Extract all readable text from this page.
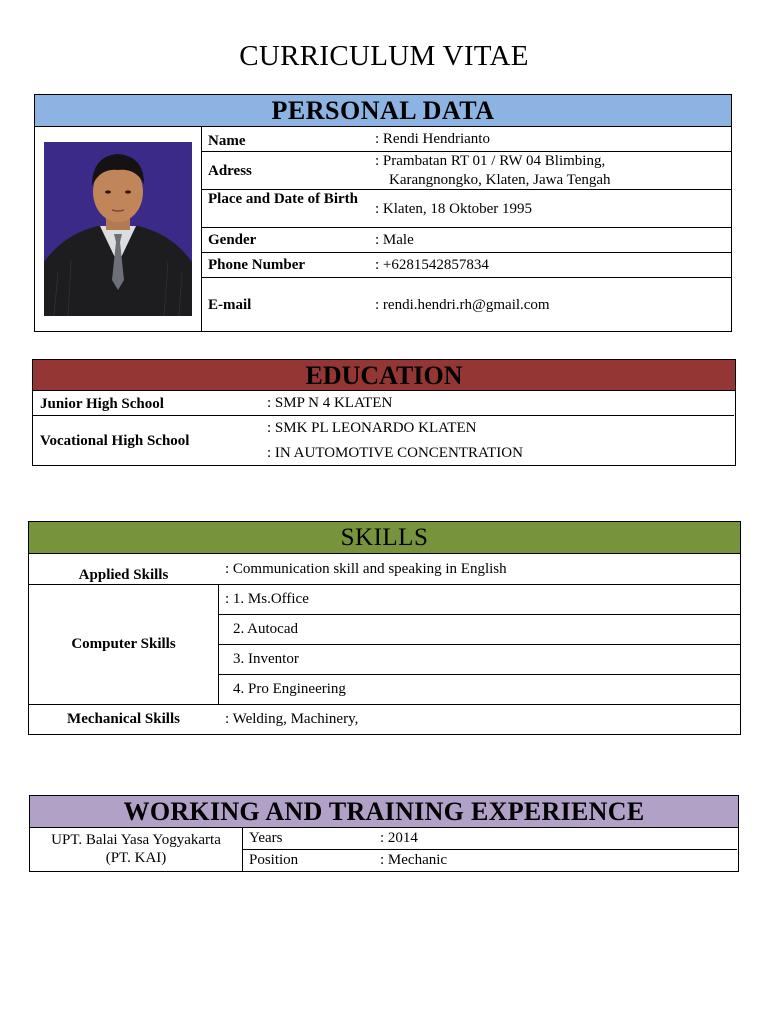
CURRICULUM VITAE
PERSONAL DATA
Name	: Rendi Hendrianto
Adress
: Prambatan RT 01 / RW 04 Blimbing,
Karangnongko, Klaten, Jawa Tengah
Place and Date of Birth
: Klaten, 18 Oktober 1995
Gender	: Male
Phone Number	: +6281542857834
E-mail	: rendi.hendri.rh@gmail.com
EDUCATION
Junior High School	: SMP N 4 KLATEN
Vocational High School
: SMK PL LEONARDO KLATEN
: IN AUTOMOTIVE CONCENTRATION
SKILLS
Applied Skills	: Communication skill and speaking in English
Computer Skills
: 1. Ms.Office
2. Autocad
3. Inventor
4. Pro Engineering
Mechanical Skills	: Welding, Machinery,
WORKING AND TRAINING EXPERIENCE
UPT. Balai Yasa Yogyakarta
(PT. KAI)
Years	: 2014
Position	: Mechanic
